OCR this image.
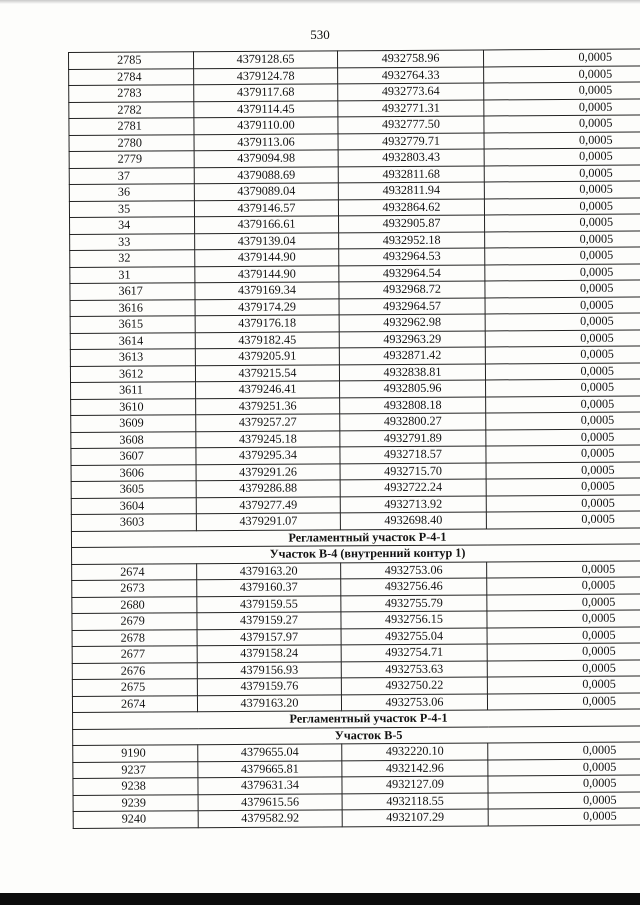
530
2785	4379128.65	4932758.96	0,0005
2784	4379124.78	4932764.33	0,0005
2783	4379117.68	4932773.64	0,0005
2782	4379114.45	4932771.31	0,0005
2781	4379110.00	4932777.50	0,0005
2780	4379113.06	4932779.71	0,0005
2779	4379094.98	4932803.43	0,0005
37	4379088.69	4932811.68	0,0005
36	4379089.04	4932811.94	0,0005
35	4379146.57	4932864.62	0,0005
34	4379166.61	4932905.87	0,0005
33	4379139.04	4932952.18	0,0005
32	4379144.90	4932964.53	0,0005
31	4379144.90	4932964.54	0,0005
3617	4379169.34	4932968.72	0,0005
3616	4379174.29	4932964.57	0,0005
3615	4379176.18	4932962.98	0,0005
3614	4379182.45	4932963.29	0,0005
3613	4379205.91	4932871.42	0,0005
3612	4379215.54	4932838.81	0,0005
3611	4379246.41	4932805.96	0,0005
3610	4379251.36	4932808.18	0,0005
3609	4379257.27	4932800.27	0,0005
3608	4379245.18	4932791.89	0,0005
3607	4379295.34	4932718.57	0,0005
3606	4379291.26	4932715.70	0,0005
3605	4379286.88	4932722.24	0,0005
3604	4379277.49	4932713.92	0,0005
3603	4379291.07	4932698.40	0,0005
Регламентный участок Р-4-1			
Участок В-4 (внутренний контур 1)			
2674	4379163.20	4932753.06	0,0005
2673	4379160.37	4932756.46	0,0005
2680	4379159.55	4932755.79	0,0005
2679	4379159.27	4932756.15	0,0005
2678	4379157.97	4932755.04	0,0005
2677	4379158.24	4932754.71	0,0005
2676	4379156.93	4932753.63	0,0005
2675	4379159.76	4932750.22	0,0005
2674	4379163.20	4932753.06	0,0005
Регламентный участок Р-4-1			
Участок В-5			
9190	4379655.04	4932220.10	0,0005
9237	4379665.81	4932142.96	0,0005
9238	4379631.34	4932127.09	0,0005
9239	4379615.56	4932118.55	0,0005
9240	4379582.92	4932107.29	0,0005
